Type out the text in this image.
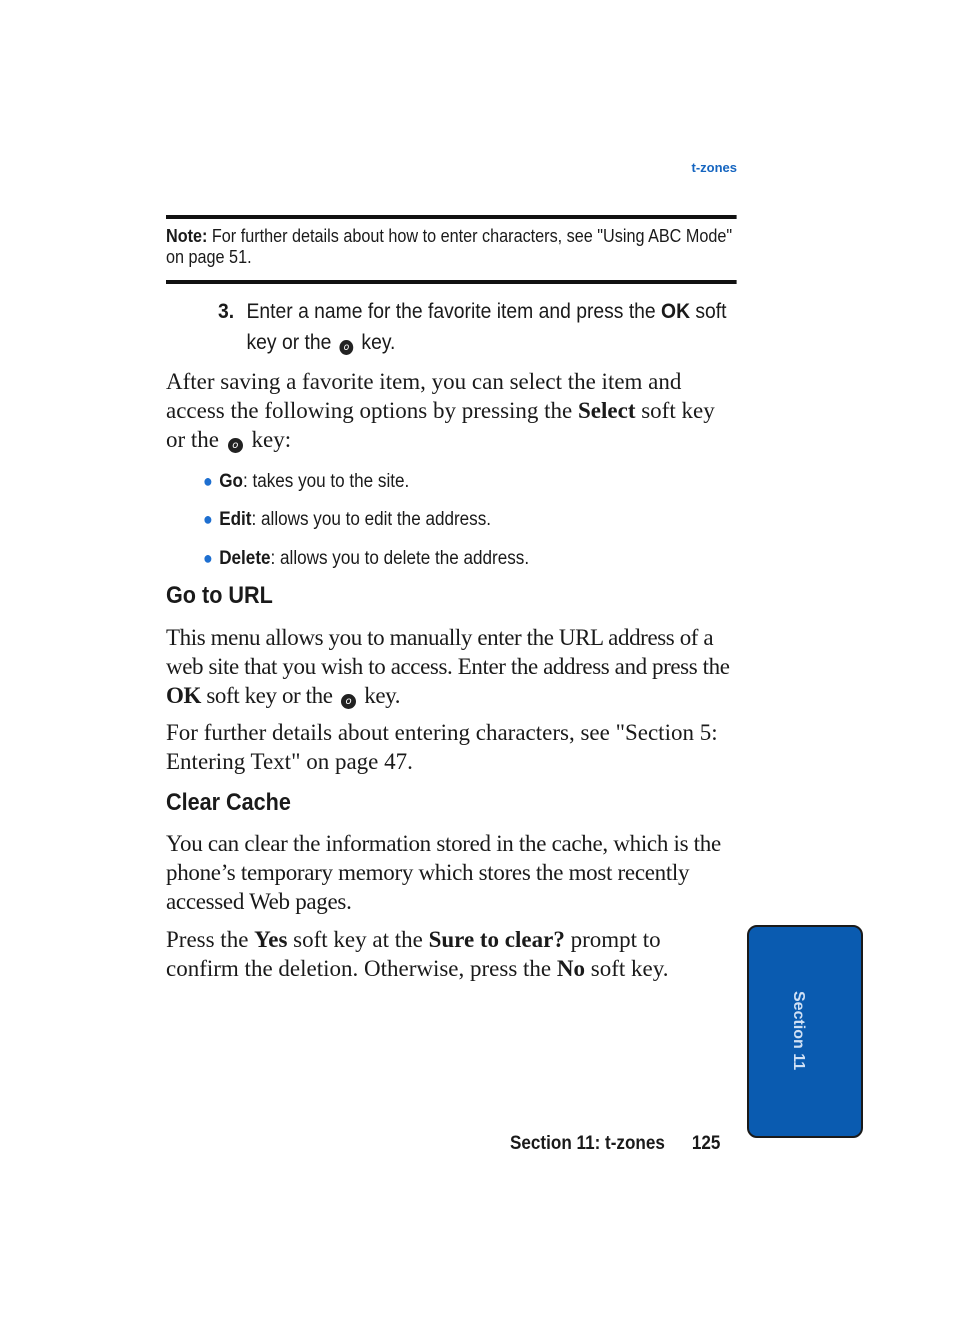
t-zones
Note: For further details about how to enter characters, see "Using ABC Mode" on page 51.
3. Enter a name for the favorite item and press the OK soft key or the o key.
After saving a favorite item, you can select the item and access the following options by pressing the Select soft key or the o key:
● Go: takes you to the site.
● Edit: allows you to edit the address.
● Delete: allows you to delete the address.
Go to URL
This menu allows you to manually enter the URL address of a web site that you wish to access. Enter the address and press the OK soft key or the o key.
For further details about entering characters, see "Section 5: Entering Text" on page 47.
Clear Cache
You can clear the information stored in the cache, which is the phone’s temporary memory which stores the most recently accessed Web pages.
Press the Yes soft key at the Sure to clear? prompt to confirm the deletion. Otherwise, press the No soft key.
Section 11: t-zones 125
Section 11
